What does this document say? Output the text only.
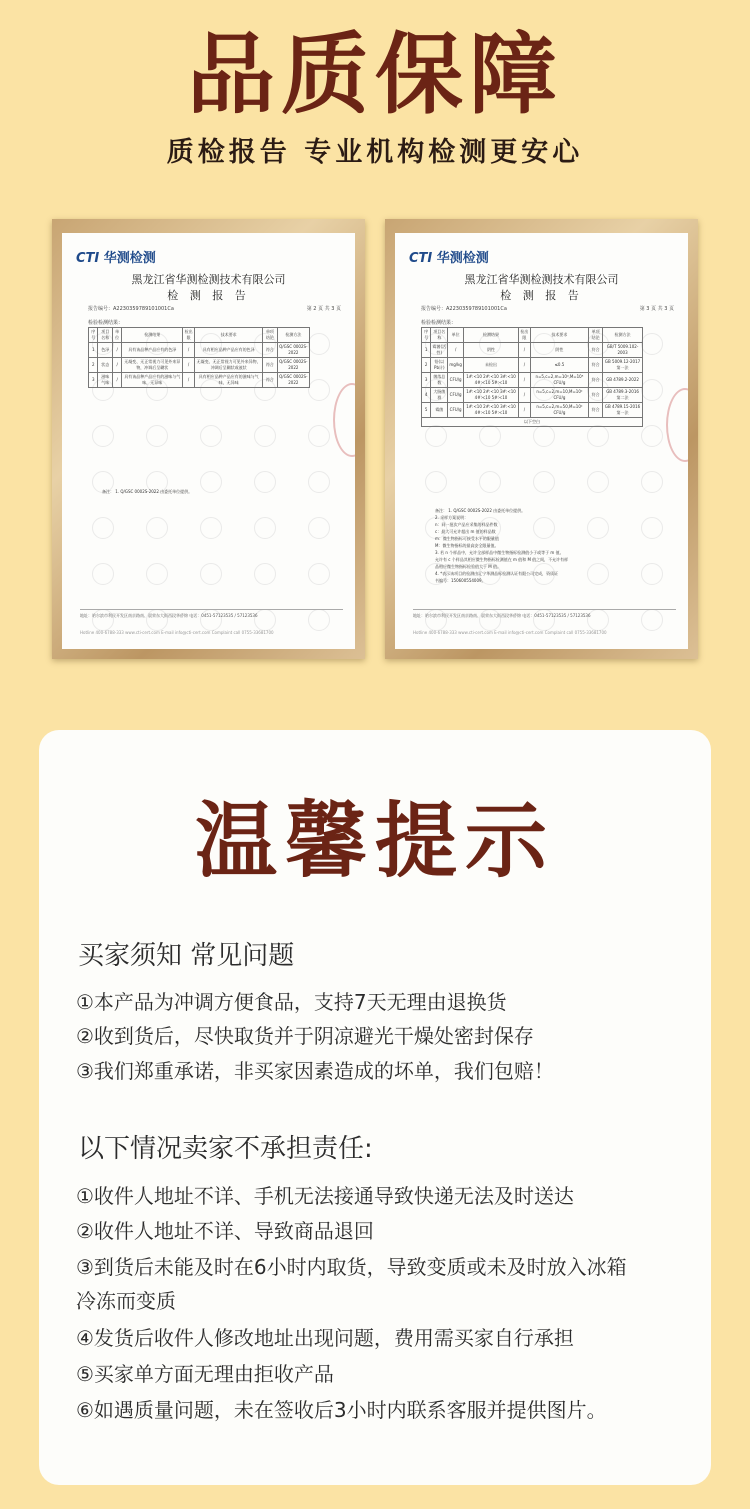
品质保障
质检报告 专业机构检测更安心
CTI 华测检测
黑龙江省华测检测技术有限公司
检 测 报 告
报告编号：A2230359789101001Ca	第 2 页 共 3 页
检验检测结果：
序号	项目名称	单位	检测结果	检出限	技术要求	单项结论	检测方法
1	色泽	/	具有该品种产品应有的色泽	/	具有相应品种产品应有的色泽	符合	Q/GSC 0002S-2022
2	状态	/	无凝变、无正常视力可见外来异物，冲调后呈糊状	/	无凝变、无正常视力可见外来异物，冲调后呈糊状或液状	符合	Q/GSC 0002S-2022
3	滋味气味	/	具有该品种产品应有的滋味与气味，无异味	/	具有相应品种产品应有的滋味与气味，无异味	符合	Q/GSC 0002S-2022
备注： 1. Q/GSC 0002S-2022 由委托单位提供。
地址：哈尔滨市利民开发区南京路南、晨荣东大街西段华侨锦 电话：0451-57123535 / 57123536
Hotline 400-6788-333 www.cti-cert.com E-mail info@cti-cert.com Complaint call 0755-33681700
CTI 华测检测
黑龙江省华测检测技术有限公司
检 测 报 告
报告编号：A2230359789101001Ca	第 3 页 共 3 页
检验检测结果：
序号	项目名称	单位	检测结果	检出限	技术要求	单项结论	检测方法
1	霉菌(活性)	/	阴性	/	阴性	符合	GB/T 5009.102-2003
2	铅(以Pb计)	mg/kg	未检出	/	≤0.5	符合	GB 5009.12-2017 第一法
3	菌落总数	CFU/g	1#:<10 2#:<10 3#:<10 4#:<10 5#:<10	/	n=5,c=2,m=10⁴,M=10⁵ CFU/g	符合	GB 4789.2-2022
4	大肠菌群	CFU/g	1#:<10 2#:<10 3#:<10 4#:<10 5#:<10	/	n=5,c=2,m=10,M=10² CFU/g	符合	GB 4789.3-2016 第二法
5	霉菌	CFU/g	1#:<10 2#:<10 3#:<10 4#:<10 5#:<10	/	n=5,c=2,m=50,M=10² CFU/g	符合	GB 4789.15-2016 第一法
以下空白							
备注： 1. Q/GSC 0002S-2022 由委托单位提供。
2. 采样方案说明：
n：同一批次产品应采集的样品件数
c：最大可允许超出 m 值的样品数
m：微生物指标可接受水平的限量值
M：微生物指标的最高安全限量值。
3. 若 n 个样品中，允许全部样品中微生物指标检测值小于或等于 m 值。
允许有 c 个样品其相应微生物指标检测值在 m 值和 M 值之间，不允许有样
品相应微生物指标检验值大于 M 值。
4. *表示该项目的检测由辽宁华测品标检测认证有限公司完成，资质证
书编号：150600554009。
地址：哈尔滨市利民开发区南京路南、晨荣东大街西段华侨锦 电话：0451-57123535 / 57123536
Hotline 400-6788-333 www.cti-cert.com E-mail info@cti-cert.com Complaint call 0755-33681700
温馨提示
买家须知 常见问题
①本产品为冲调方便食品，支持7天无理由退换货
②收到货后，尽快取货并于阴凉避光干燥处密封保存
③我们郑重承诺，非买家因素造成的坏单，我们包赔！
以下情况卖家不承担责任:
①收件人地址不详、手机无法接通导致快递无法及时送达
②收件人地址不详、导致商品退回
③到货后未能及时在6小时内取货，导致变质或未及时放入冰箱
冷冻而变质
④发货后收件人修改地址出现问题，费用需买家自行承担
⑤买家单方面无理由拒收产品
⑥如遇质量问题，未在签收后3小时内联系客服并提供图片。
